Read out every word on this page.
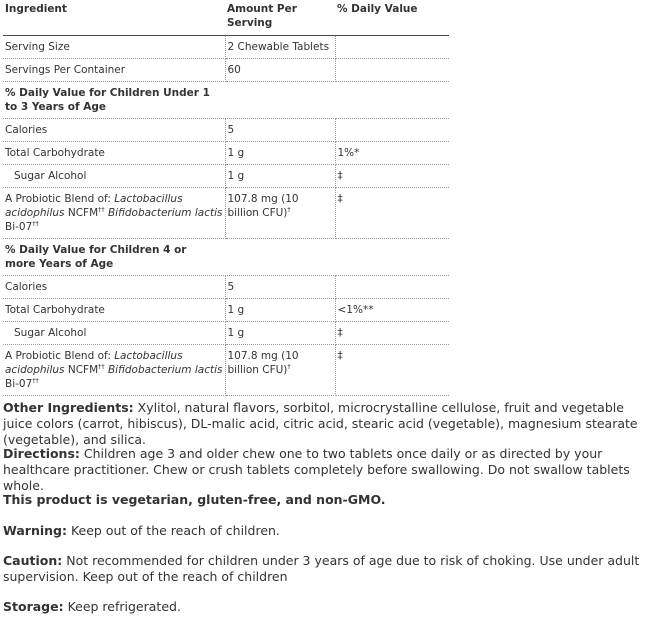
Ingredient	Amount Per Serving	% Daily Value
Serving Size	2 Chewable Tablets	
Servings Per Container	60	

% Daily Value for Children Under 1 to 3 Years of Age		

Calories	5	
Total Carbohydrate	1 g	1%*
Sugar Alcohol	1 g	‡
A Probiotic Blend of: Lactobacillus acidophilus NCFM†† Bifidobacterium lactis Bi-07††	107.8 mg (10 billion CFU)†	‡

% Daily Value for Children 4 or more Years of Age		

Calories	5	
Total Carbohydrate	1 g	<1%**
Sugar Alcohol	1 g	‡
A Probiotic Blend of: Lactobacillus acidophilus NCFM†† Bifidobacterium lactis Bi-07††	107.8 mg (10 billion CFU)†	‡

Other Ingredients: Xylitol, natural flavors, sorbitol, microcrystalline cellulose, fruit and vegetable juice colors (carrot, hibiscus), DL-malic acid, citric acid, stearic acid (vegetable), magnesium stearate (vegetable), and silica.

Directions: Children age 3 and older chew one to two tablets once daily or as directed by your healthcare practitioner. Chew or crush tablets completely before swallowing. Do not swallow tablets whole.

This product is vegetarian, gluten-free, and non-GMO.

Warning: Keep out of the reach of children.

Caution: Not recommended for children under 3 years of age due to risk of choking. Use under adult supervision. Keep out of the reach of children

Storage: Keep refrigerated.
